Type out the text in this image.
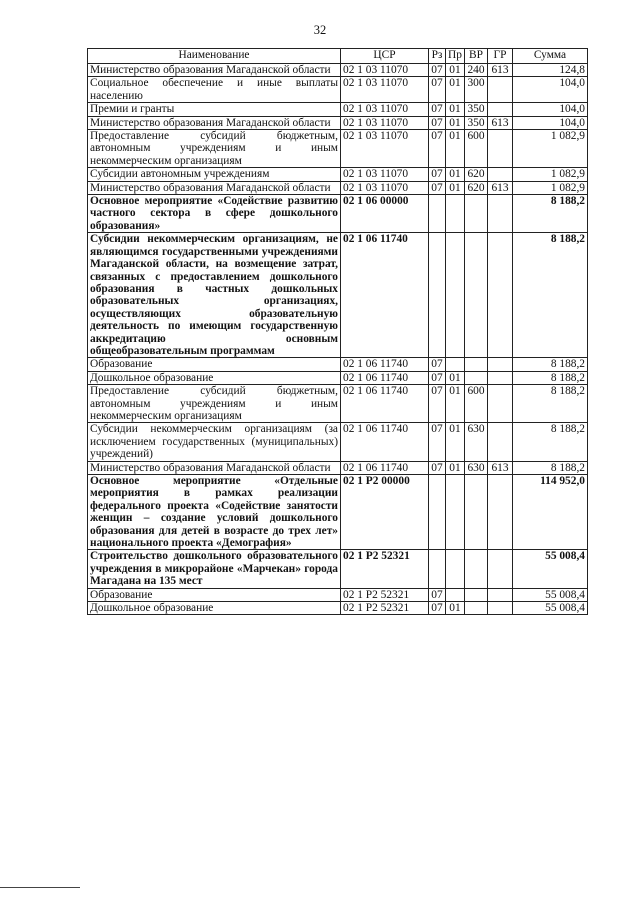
32
Наименование	ЦСР	Рз	Пр	ВР	ГР	Сумма
Министерство образования Магаданской области	02 1 03 11070	07	01	240	613	124,8
Социальное обеспечение и иные выплаты населению	02 1 03 11070	07	01	300		104,0
Премии и гранты	02 1 03 11070	07	01	350		104,0
Министерство образования Магаданской области	02 1 03 11070	07	01	350	613	104,0
Предоставление субсидий бюджетным, автономным учреждениям и иным некоммерческим организациям	02 1 03 11070	07	01	600		1 082,9
Субсидии автономным учреждениям	02 1 03 11070	07	01	620		1 082,9
Министерство образования Магаданской области	02 1 03 11070	07	01	620	613	1 082,9
Основное мероприятие «Содействие развитию частного сектора в сфере дошкольного образования»	02 1 06 00000					8 188,2
Субсидии некоммерческим организациям, не являющимся государственными учреждениями Магаданской области, на возмещение затрат, связанных с предоставлением дошкольного образования в частных дошкольных образовательных организациях, осуществляющих образовательную деятельность по имеющим государственную аккредитацию основным общеобразовательным программам	02 1 06 11740					8 188,2
Образование	02 1 06 11740	07				8 188,2
Дошкольное образование	02 1 06 11740	07	01			8 188,2
Предоставление субсидий бюджетным, автономным учреждениям и иным некоммерческим организациям	02 1 06 11740	07	01	600		8 188,2
Субсидии некоммерческим организациям (за исключением государственных (муниципальных) учреждений)	02 1 06 11740	07	01	630		8 188,2
Министерство образования Магаданской области	02 1 06 11740	07	01	630	613	8 188,2
Основное мероприятие «Отдельные мероприятия в рамках реализации федерального проекта «Содействие занятости женщин – создание условий дошкольного образования для детей в возрасте до трех лет» национального проекта «Демография»	02 1 P2 00000					114 952,0
Строительство дошкольного образовательного учреждения в микрорайоне «Марчекан» города Магадана на 135 мест	02 1 P2 52321					55 008,4
Образование	02 1 P2 52321	07				55 008,4
Дошкольное образование	02 1 P2 52321	07	01			55 008,4
